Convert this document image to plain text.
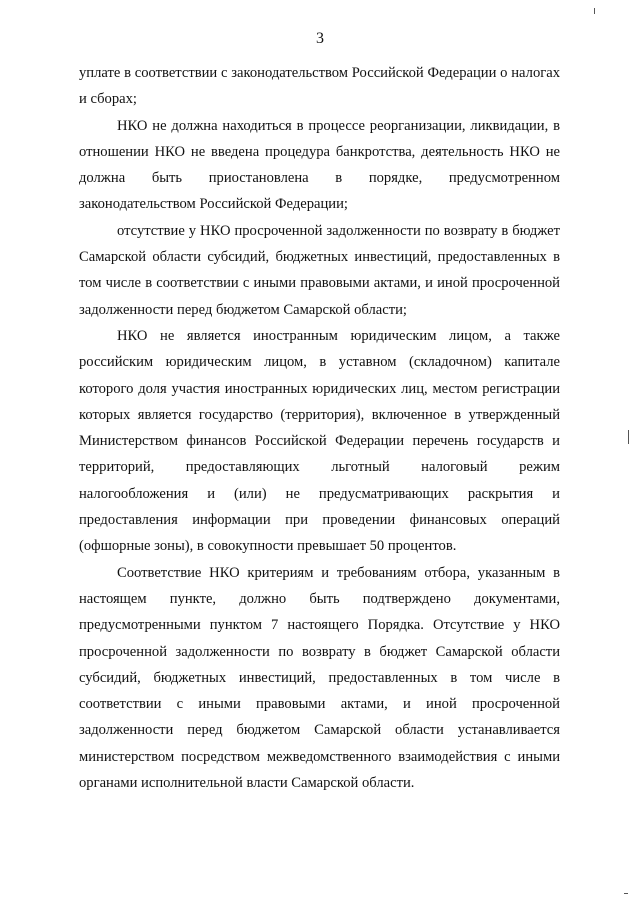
3

уплате в соответствии с законодательством Российской Федерации о налогах и сборах;

НКО не должна находиться в процессе реорганизации, ликвидации, в отношении НКО не введена процедура банкротства, деятельность НКО не должна быть приостановлена в порядке, предусмотренном законодательством Российской Федерации;

отсутствие у НКО просроченной задолженности по возврату в бюджет Самарской области субсидий, бюджетных инвестиций, предоставленных в том числе в соответствии с иными правовыми актами, и иной просроченной задолженности перед бюджетом Самарской области;

НКО не является иностранным юридическим лицом, а также российским юридическим лицом, в уставном (складочном) капитале которого доля участия иностранных юридических лиц, местом регистрации которых является государство (территория), включенное в утвержденный Министерством финансов Российской Федерации перечень государств и территорий, предоставляющих льготный налоговый режим налогообложения и (или) не предусматривающих раскрытия и предоставления информации при проведении финансовых операций (офшорные зоны), в совокупности превышает 50 процентов.

Соответствие НКО критериям и требованиям отбора, указанным в настоящем пункте, должно быть подтверждено документами, предусмотренными пунктом 7 настоящего Порядка. Отсутствие у НКО просроченной задолженности по возврату в бюджет Самарской области субсидий, бюджетных инвестиций, предоставленных в том числе в соответствии с иными правовыми актами, и иной просроченной задолженности перед бюджетом Самарской области устанавливается министерством посредством межведомственного взаимодействия с иными органами исполнительной власти Самарской области.
